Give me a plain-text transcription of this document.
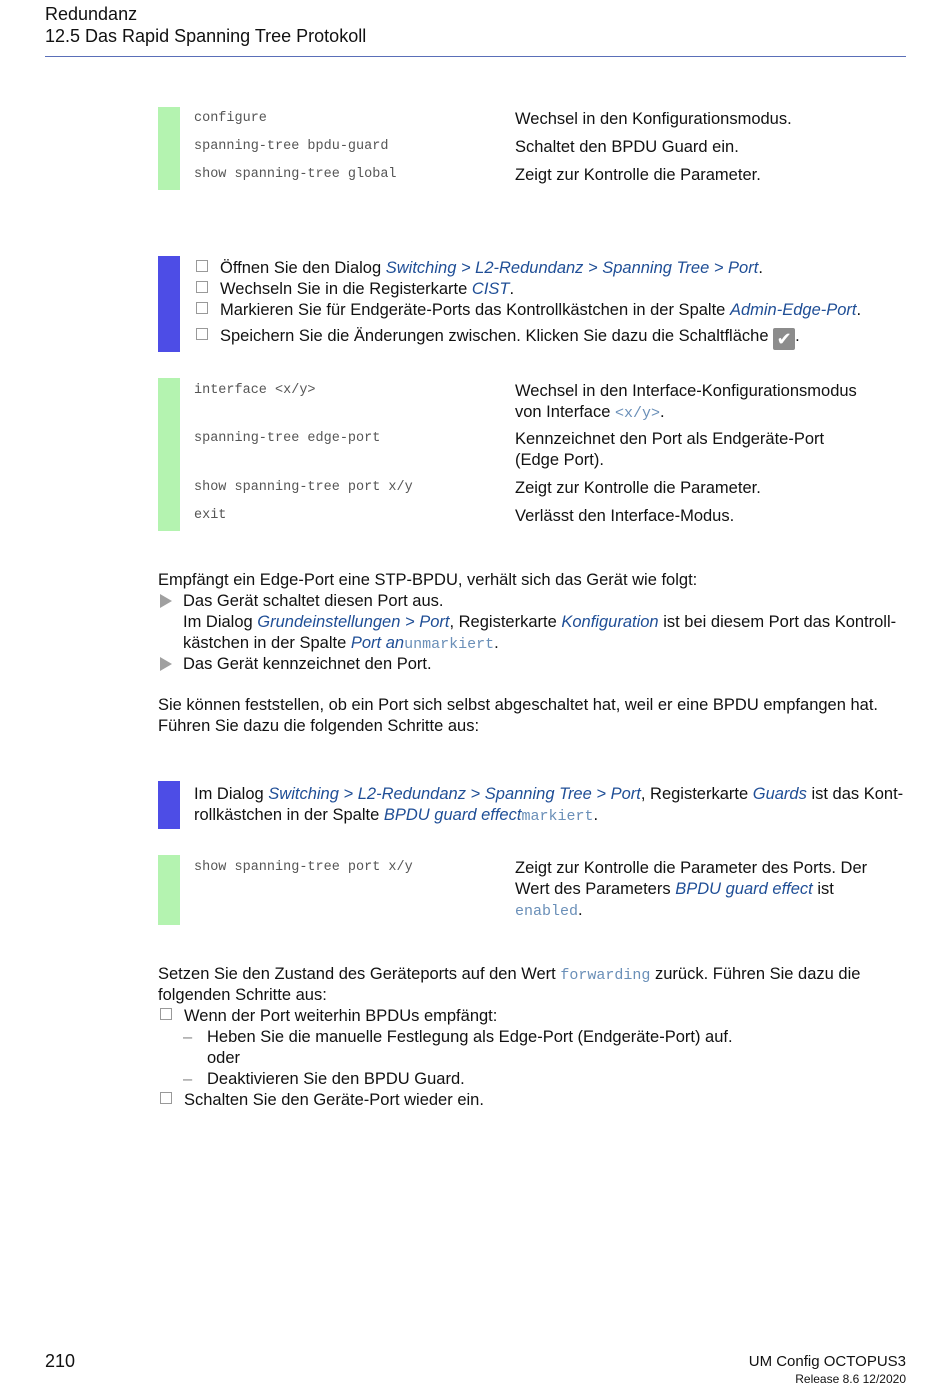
Redundanz
12.5 Das Rapid Spanning Tree Protokoll
configure	Wechsel in den Konfigurationsmodus.
spanning-tree bpdu-guard	Schaltet den BPDU Guard ein.
show spanning-tree global	Zeigt zur Kontrolle die Parameter.
Öffnen Sie den Dialog Switching > L2-Redundanz > Spanning Tree > Port.
Wechseln Sie in die Registerkarte CIST.
Markieren Sie für Endgeräte-Ports das Kontrollkästchen in der Spalte Admin-Edge-Port.
Speichern Sie die Änderungen zwischen. Klicken Sie dazu die Schaltfläche ✔ .
interface <x/y>	Wechsel in den Interface-Konfigurationsmodus
von Interface <x/y>.
spanning-tree edge-port	Kennzeichnet den Port als Endgeräte-Port
(Edge Port).
show spanning-tree port x/y	Zeigt zur Kontrolle die Parameter.
exit	Verlässt den Interface-Modus.
Empfängt ein Edge-Port eine STP-BPDU, verhält sich das Gerät wie folgt:
Das Gerät schaltet diesen Port aus.
Im Dialog Grundeinstellungen > Port, Registerkarte Konfiguration ist bei diesem Port das Kontroll-
kästchen in der Spalte Port anunmarkiert.
Das Gerät kennzeichnet den Port.
Sie können feststellen, ob ein Port sich selbst abgeschaltet hat, weil er eine BPDU empfangen hat.
Führen Sie dazu die folgenden Schritte aus:
Im Dialog Switching > L2-Redundanz > Spanning Tree > Port, Registerkarte Guards ist das Kont-
rollkästchen in der Spalte BPDU guard effectmarkiert.
show spanning-tree port x/y	Zeigt zur Kontrolle die Parameter des Ports. Der
Wert des Parameters BPDU guard effect ist
enabled.
Setzen Sie den Zustand des Geräteports auf den Wert forwarding zurück. Führen Sie dazu die
folgenden Schritte aus:
Wenn der Port weiterhin BPDUs empfängt:
– Heben Sie die manuelle Festlegung als Edge-Port (Endgeräte-Port) auf.
oder
– Deaktivieren Sie den BPDU Guard.
Schalten Sie den Geräte-Port wieder ein.
210	UM Config OCTOPUS3
Release 8.6 12/2020
